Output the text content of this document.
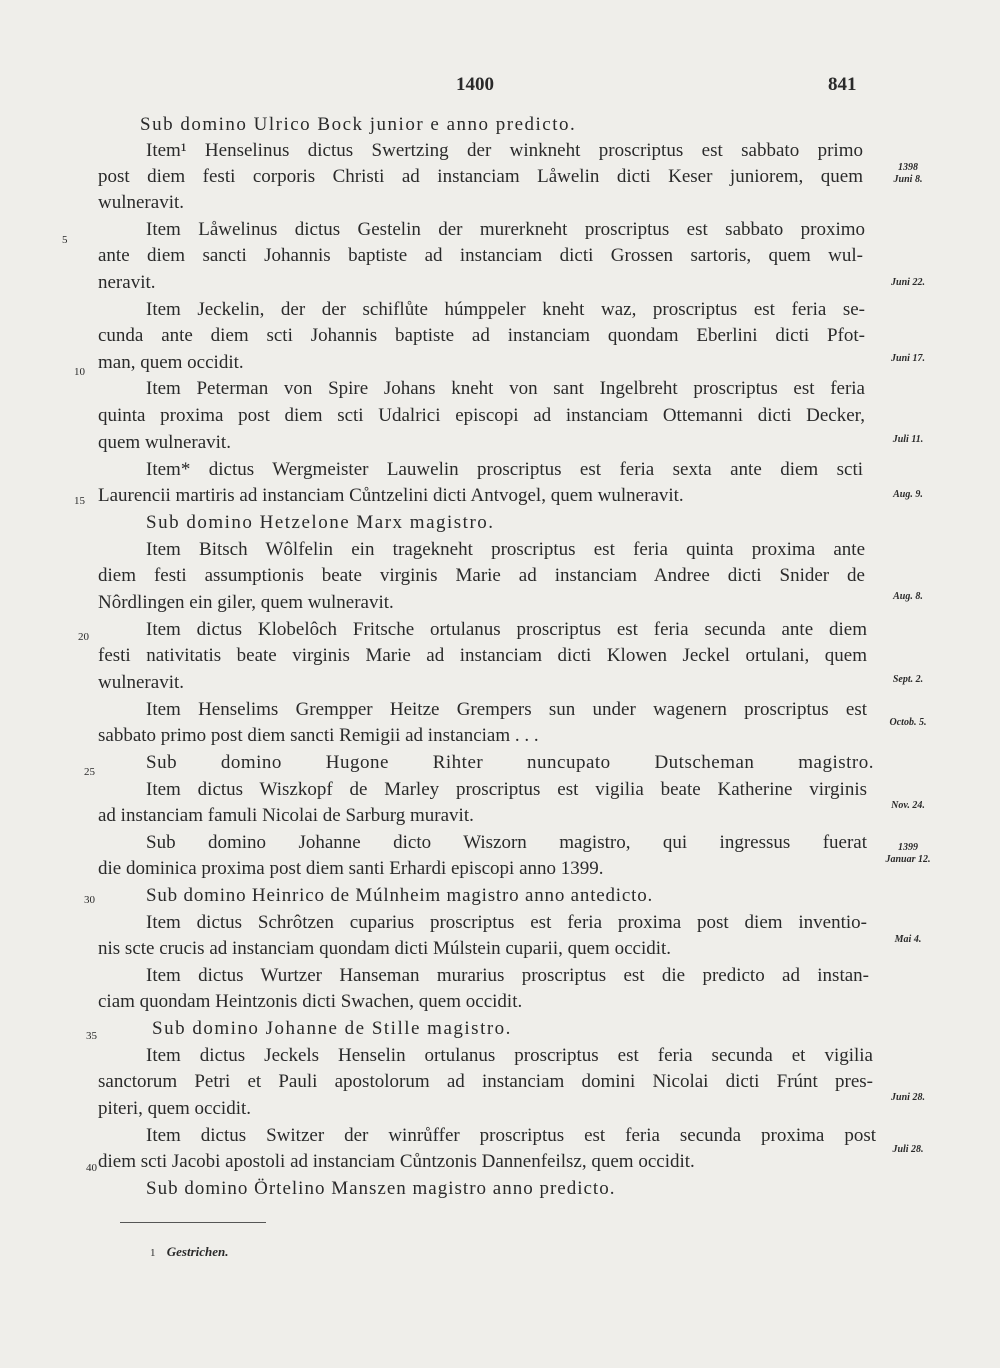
1400	841
Sub domino Ulrico Bock junior e anno predicto.
Item¹ Henselinus dictus Swertzing der winkneht proscriptus est sabbato primo
post diem festi corporis Christi ad instanciam Låwelin dicti Keser juniorem, quem
wulneravit.
Item Låwelinus dictus Gestelin der murerkneht proscriptus est sabbato proximo
ante diem sancti Johannis baptiste ad instanciam dicti Grossen sartoris, quem wul-
neravit.
Item Jeckelin, der der schiflůte húmppeler kneht waz, proscriptus est feria se-
cunda ante diem scti Johannis baptiste ad instanciam quondam Eberlini dicti Pfot-
man, quem occidit.
Item Peterman von Spire Johans kneht von sant Ingelbreht proscriptus est feria
quinta proxima post diem scti Udalrici episcopi ad instanciam Ottemanni dicti Decker,
quem wulneravit.
Item* dictus Wergmeister Lauwelin proscriptus est feria sexta ante diem scti
Laurencii martiris ad instanciam Cůntzelini dicti Antvogel, quem wulneravit.
Sub domino Hetzelone Marx magistro.
Item Bitsch Wôlfelin ein tragekneht proscriptus est feria quinta proxima ante
diem festi assumptionis beate virginis Marie ad instanciam Andree dicti Snider de
Nôrdlingen ein giler, quem wulneravit.
Item dictus Klobelôch Fritsche ortulanus proscriptus est feria secunda ante diem
festi nativitatis beate virginis Marie ad instanciam dicti Klowen Jeckel ortulani, quem
wulneravit.
Item Henselims Grempper Heitze Grempers sun under wagenern proscriptus est
sabbato primo post diem sancti Remigii ad instanciam . . .
Sub domino Hugone Rihter nuncupato Dutscheman magistro.
Item dictus Wiszkopf de Marley proscriptus est vigilia beate Katherine virginis
ad instanciam famuli Nicolai de Sarburg muravit.
Sub domino Johanne dicto Wiszorn magistro, qui ingressus fuerat
die dominica proxima post diem santi Erhardi episcopi anno 1399.
Sub domino Heinrico de Múlnheim magistro anno antedicto.
Item dictus Schrôtzen cuparius proscriptus est feria proxima post diem inventio-
nis scte crucis ad instanciam quondam dicti Múlstein cuparii, quem occidit.
Item dictus Wurtzer Hanseman murarius proscriptus est die predicto ad instan-
ciam quondam Heintzonis dicti Swachen, quem occidit.
Sub domino Johanne de Stille magistro.
Item dictus Jeckels Henselin ortulanus proscriptus est feria secunda et vigilia
sanctorum Petri et Pauli apostolorum ad instanciam domini Nicolai dicti Frúnt pres-
piteri, quem occidit.
Item dictus Switzer der winrůffer proscriptus est feria secunda proxima post
diem scti Jacobi apostoli ad instanciam Cůntzonis Dannenfeilsz, quem occidit.
Sub domino Örtelino Manszen magistro anno predicto.
5
10
15
20
25
30
35
40
1398
Juni 8.
Juni 22.
Juni 17.
Juli 11.
Aug. 9.
Aug. 8.
Sept. 2.
Octob. 5.
Nov. 24.
1399
Januar 12.
Mai 4.
Juni 28.
Juli 28.
1 Gestrichen.
